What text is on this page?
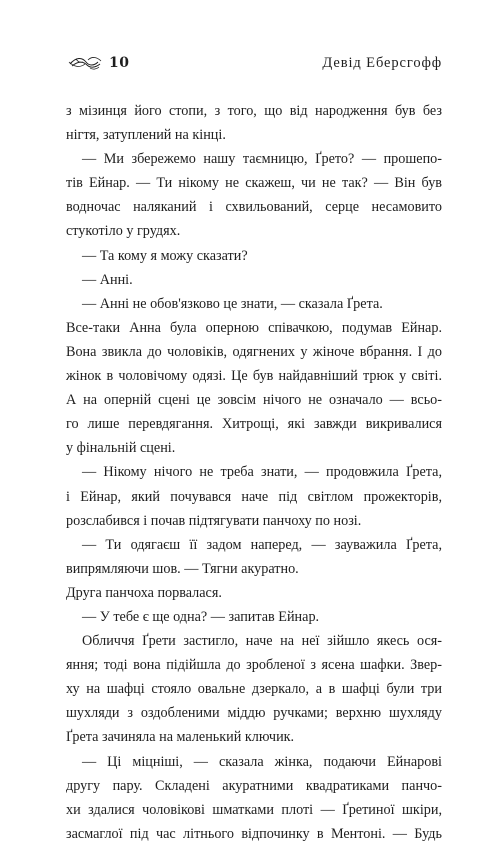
10	Девід Еберсгофф
з мізинця його стопи, з того, що від народження був без
нігтя, затуплений на кінці.
— Ми збережемо нашу таємницю, Ґрето? — прошепо-
тів Ейнар. — Ти нікому не скажеш, чи не так? — Він був
водночас наляканий і схвильований, серце несамовито
стукотіло у грудях.
— Та кому я можу сказати?
— Анні.
— Анні не обов'язково це знати, — сказала Ґрета.
Все-таки Анна була оперною співачкою, подумав Ейнар.
Вона звикла до чоловіків, одягнених у жіноче вбрання. І до
жінок в чоловічому одязі. Це був найдавніший трюк у світі.
А на оперній сцені це зовсім нічого не означало — всьо-
го лише перевдягання. Хитрощі, які завжди викривалися
у фінальній сцені.
— Нікому нічого не треба знати, — продовжила Ґрета,
і Ейнар, який почувався наче під світлом прожекторів,
розслабився і почав підтягувати панчоху по нозі.
— Ти одягаєш її задом наперед, — зауважила Ґрета,
випрямляючи шов. — Тягни акуратно.
Друга панчоха порвалася.
— У тебе є ще одна? — запитав Ейнар.
Обличчя Ґрети застигло, наче на неї зійшло якесь ося-
яння; тоді вона підійшла до зробленої з ясена шафки. Звер-
ху на шафці стояло овальне дзеркало, а в шафці були три
шухляди з оздобленими міддю ручками; верхню шухляду
Ґрета зачиняла на маленький ключик.
— Ці міцніші, — сказала жінка, подаючи Ейнарові
другу пару. Складені акуратними квадратиками панчо-
хи здалися чоловікові шматками плоті — Ґретиної шкіри,
засмаглої під час літнього відпочинку в Ментоні. — Будь
